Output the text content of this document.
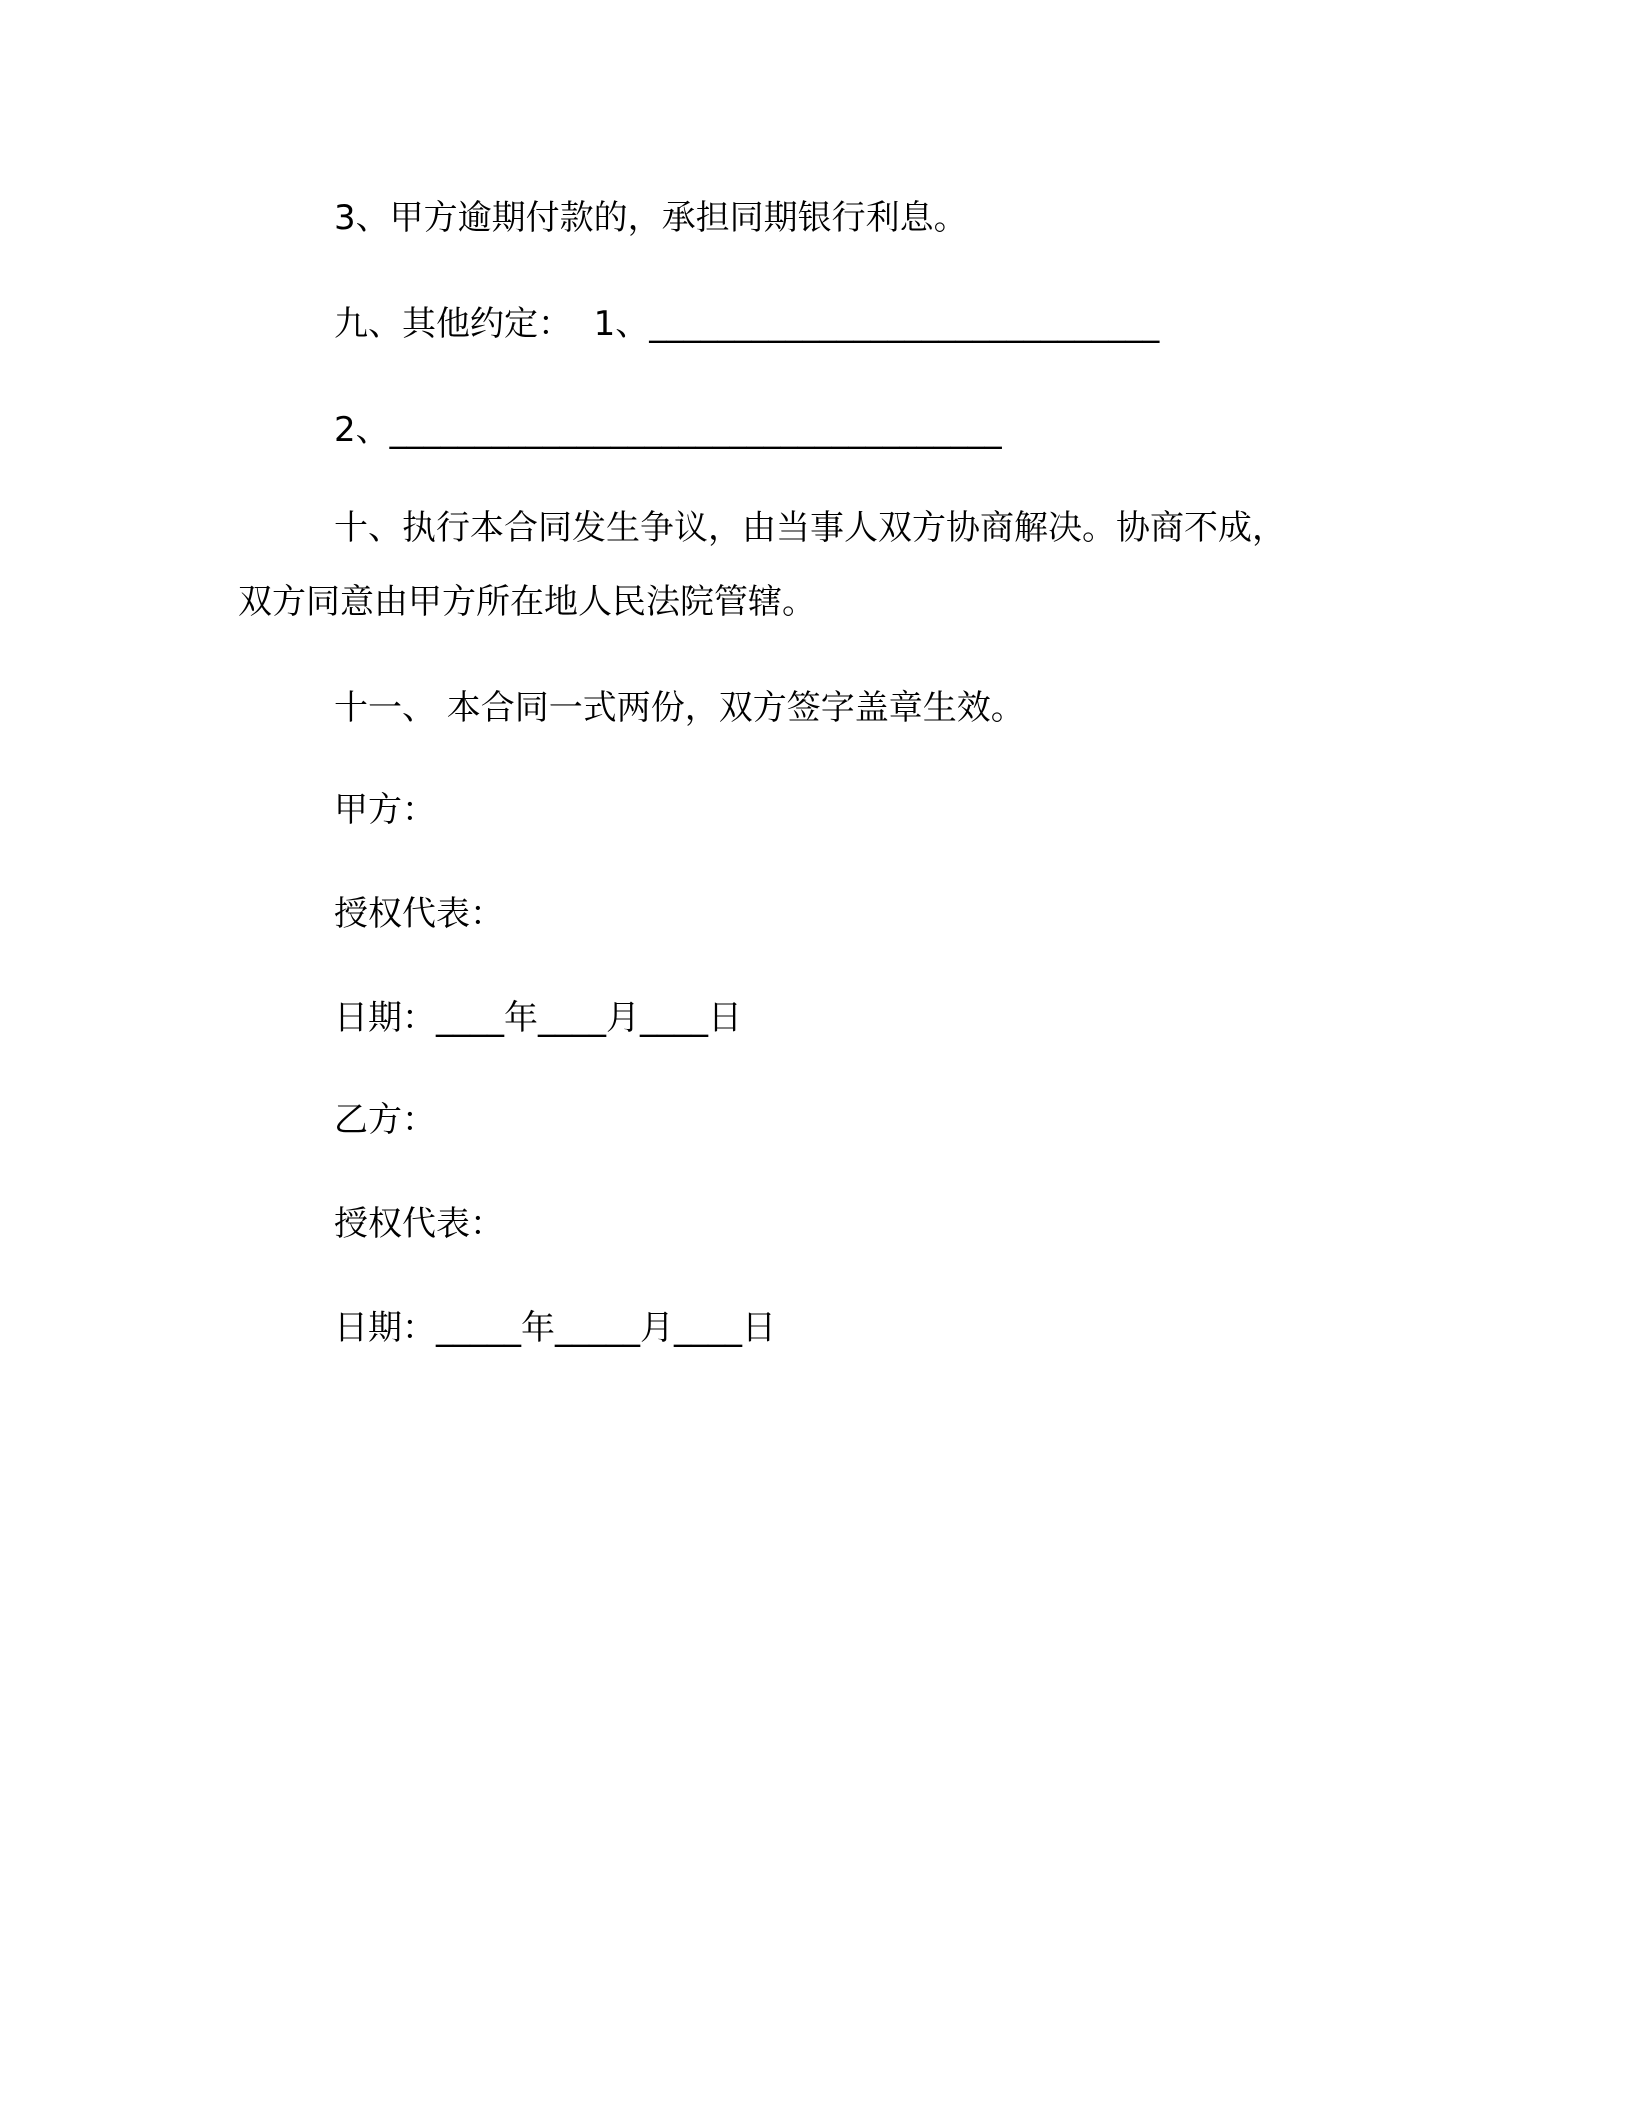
3、甲方逾期付款的，承担同期银行利息。
九、其他约定：  1、______________________________
2、____________________________________
十、执行本合同发生争议，由当事人双方协商解决。协商不成，
双方同意由甲方所在地人民法院管辖。
十一、 本合同一式两份，双方签字盖章生效。
甲方：
授权代表：
日期：____年____月____日
乙方：
授权代表：
日期：_____年_____月____日
